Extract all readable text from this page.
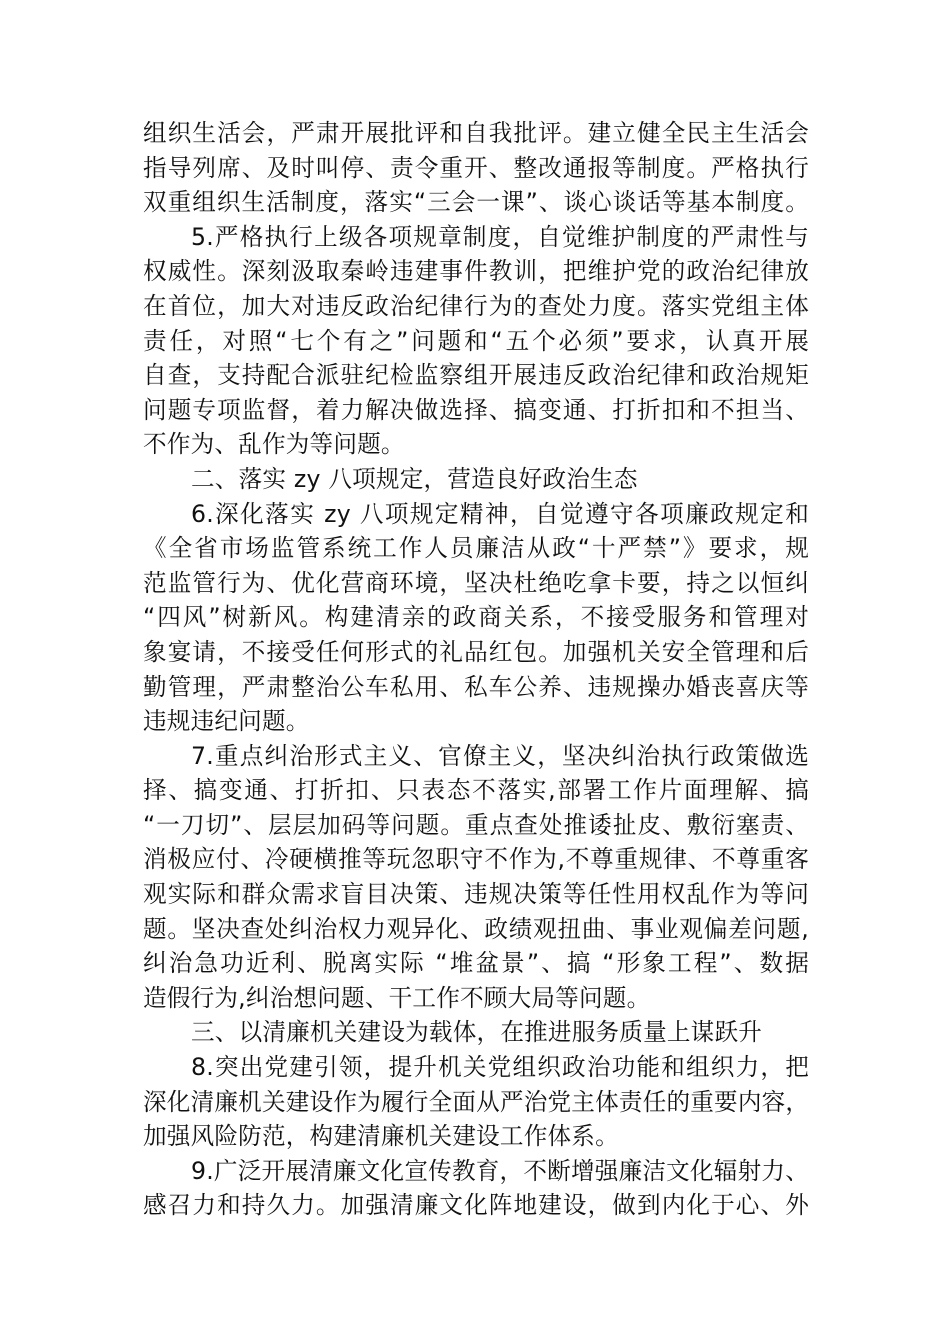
组织生活会，严肃开展批评和自我批评。建立健全民主生活会
指导列席、及时叫停、责令重开、整改通报等制度。严格执行
双重组织生活制度，落实“三会一课”、谈心谈话等基本制度。
5.严格执行上级各项规章制度，自觉维护制度的严肃性与
权威性。深刻汲取秦岭违建事件教训，把维护党的政治纪律放
在首位，加大对违反政治纪律行为的查处力度。落实党组主体
责任，对照“七个有之”问题和“五个必须”要求，认真开展
自查，支持配合派驻纪检监察组开展违反政治纪律和政治规矩
问题专项监督，着力解决做选择、搞变通、打折扣和不担当、
不作为、乱作为等问题。
二、落实 zy 八项规定，营造良好政治生态
6.深化落实 zy 八项规定精神，自觉遵守各项廉政规定和
《全省市场监管系统工作人员廉洁从政“十严禁”》要求，规
范监管行为、优化营商环境，坚决杜绝吃拿卡要，持之以恒纠
“四风”树新风。构建清亲的政商关系，不接受服务和管理对
象宴请，不接受任何形式的礼品红包。加强机关安全管理和后
勤管理，严肃整治公车私用、私车公养、违规操办婚丧喜庆等
违规违纪问题。
7.重点纠治形式主义、官僚主义，坚决纠治执行政策做选
择、搞变通、打折扣、只表态不落实,部署工作片面理解、搞
“一刀切”、层层加码等问题。重点查处推诿扯皮、敷衍塞责、
消极应付、冷硬横推等玩忽职守不作为,不尊重规律、不尊重客
观实际和群众需求盲目决策、违规决策等任性用权乱作为等问
题。坚决查处纠治权力观异化、政绩观扭曲、事业观偏差问题,
纠治急功近利、脱离实际 “堆盆景”、搞 “形象工程”、数据
造假行为,纠治想问题、干工作不顾大局等问题。
三、以清廉机关建设为载体，在推进服务质量上谋跃升
8.突出党建引领，提升机关党组织政治功能和组织力，把
深化清廉机关建设作为履行全面从严治党主体责任的重要内容，
加强风险防范，构建清廉机关建设工作体系。
9.广泛开展清廉文化宣传教育，不断增强廉洁文化辐射力、
感召力和持久力。加强清廉文化阵地建设，做到内化于心、外
